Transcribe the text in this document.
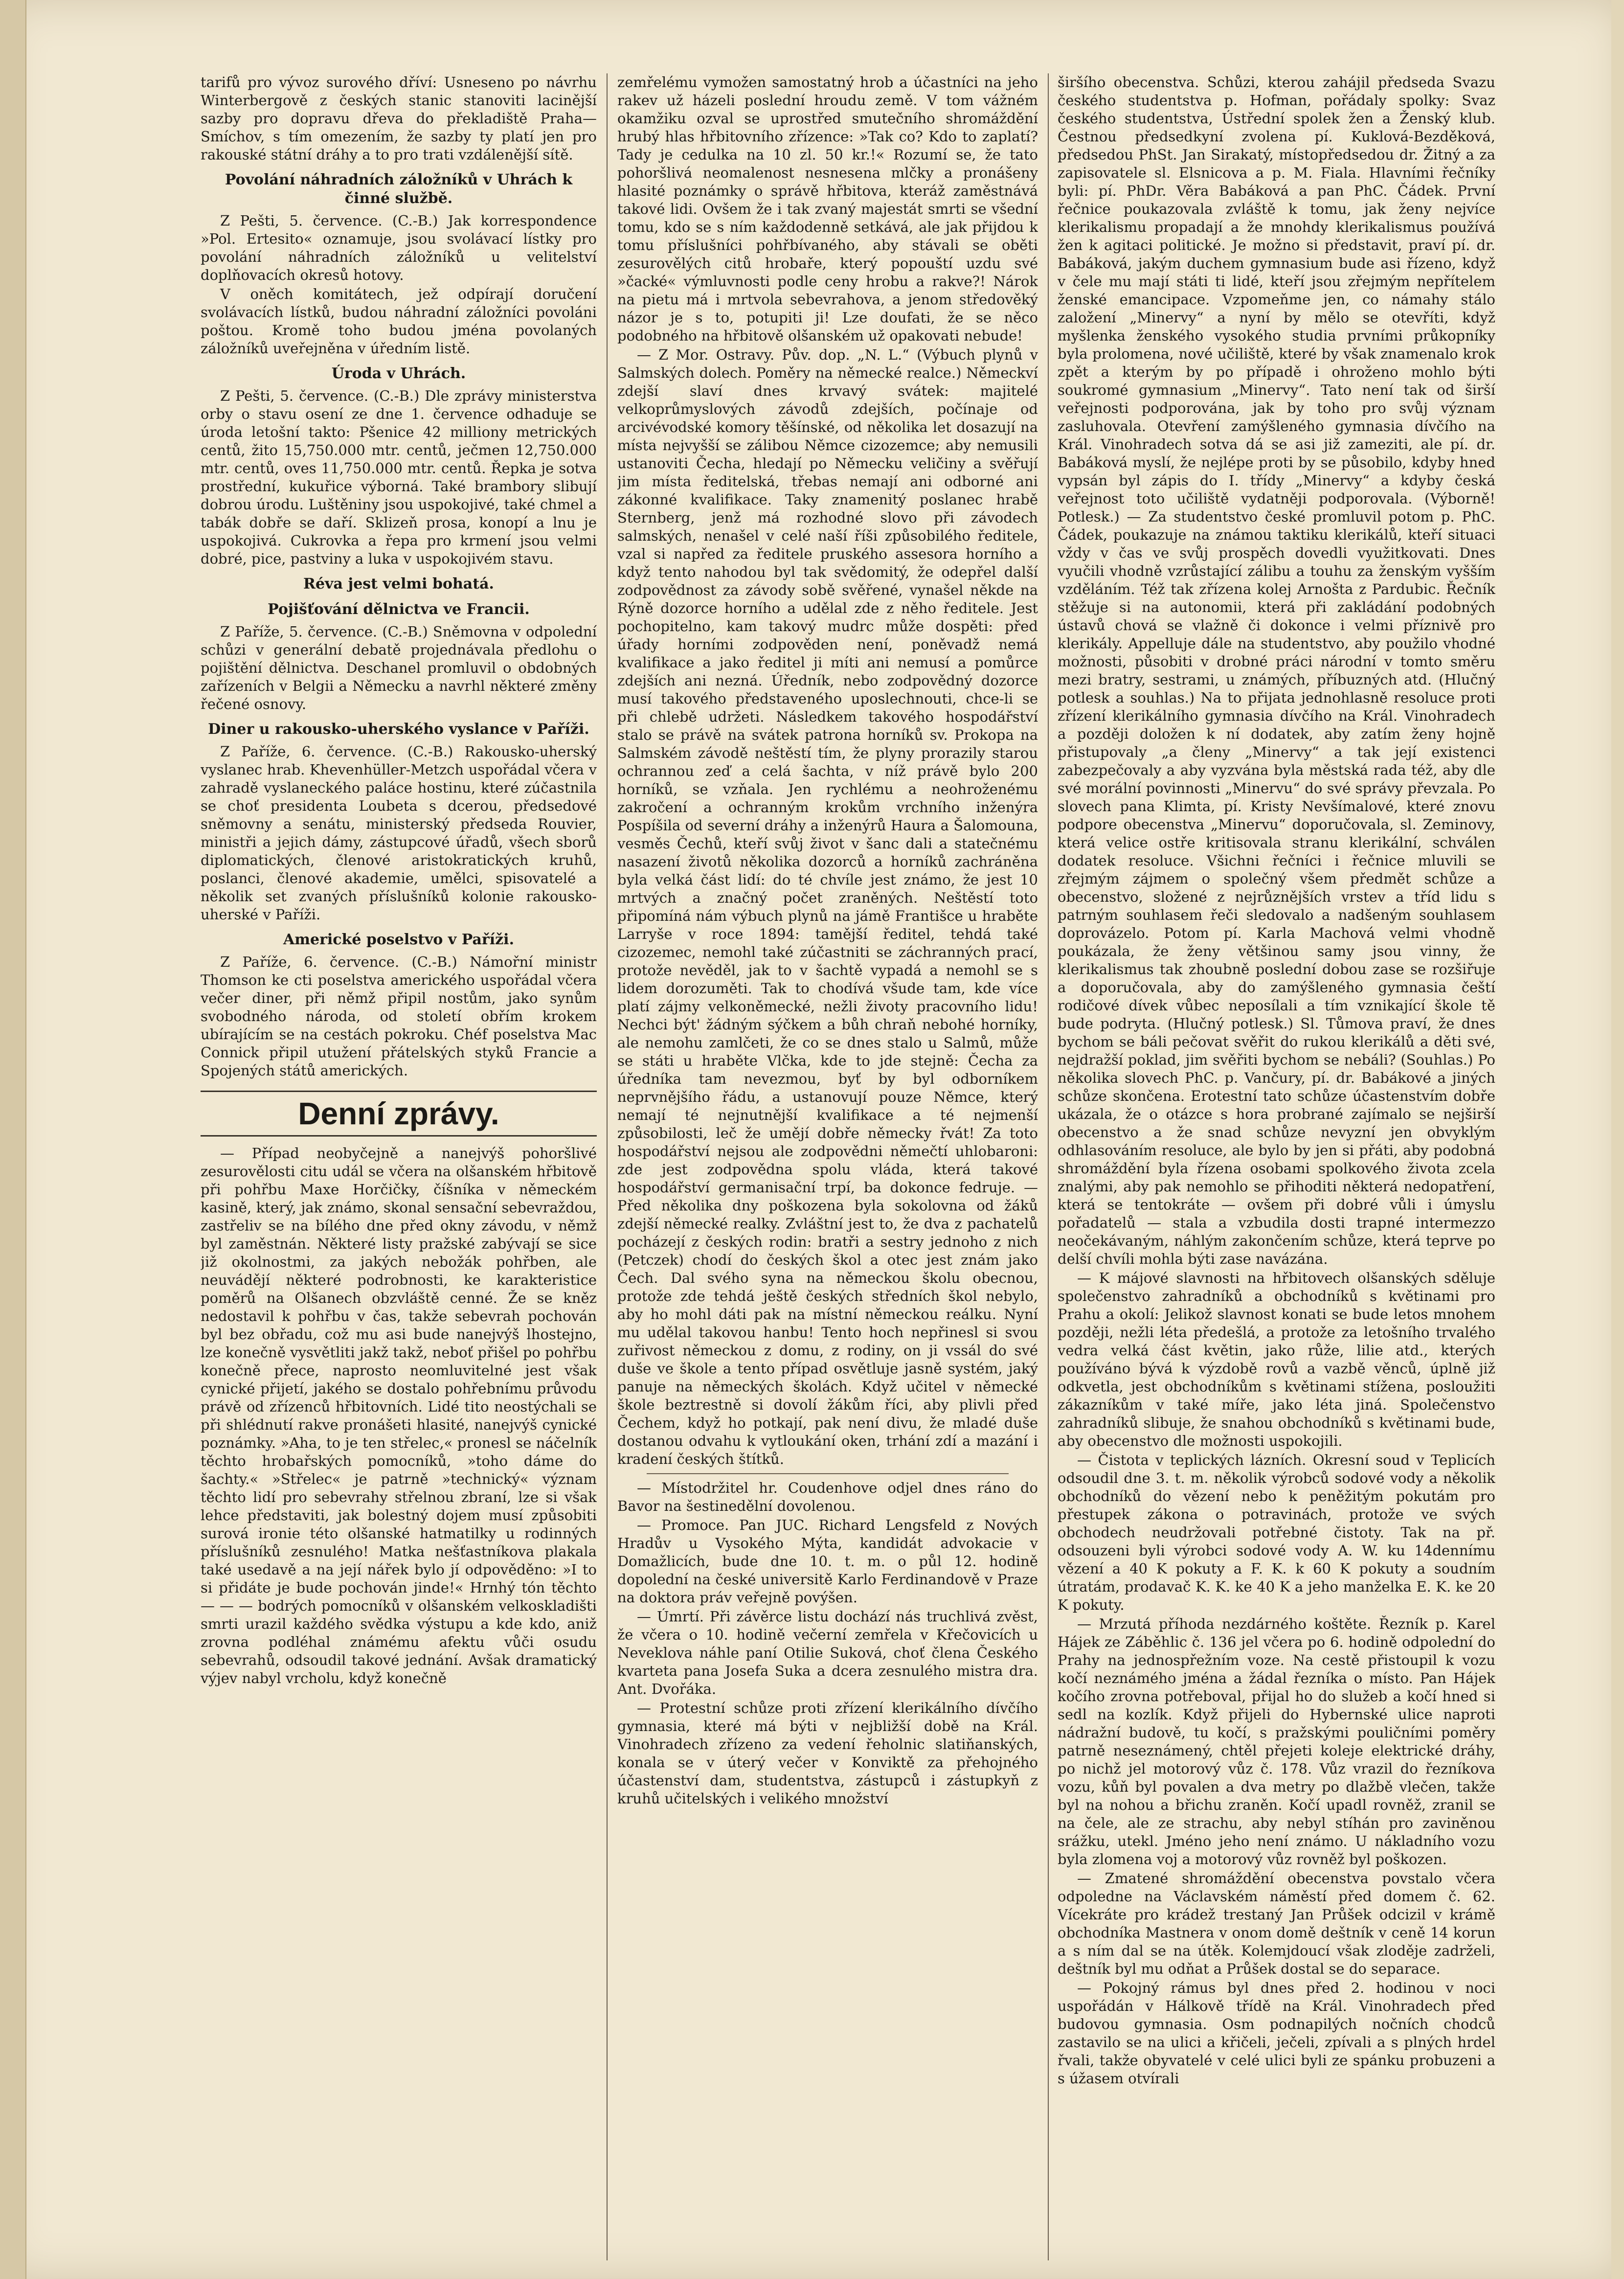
tarifů pro vývoz surového dříví: Usneseno po návrhu Winterbergově z českých stanic stanoviti lacinější sazby pro dopravu dřeva do překladiště Praha—Smíchov, s tím omezením, že sazby ty platí jen pro rakouské státní dráhy a to pro trati vzdálenější sítě.

Povolání náhradních záložníků v Uhrách k činné službě.

Z Pešti, 5. července. (C.-B.) Jak korrespondence »Pol. Ertesito« oznamuje, jsou svolávací lístky pro povolání náhradních záložníků u velitelství doplňovacích okresů hotovy.

V oněch komitátech, jež odpírají doručení svolávacích lístků, budou náhradní záložníci povoláni poštou. Kromě toho budou jména povolaných záložníků uveřejněna v úředním listě.

Úroda v Uhrách.

Z Pešti, 5. července. (C.-B.) Dle zprávy ministerstva orby o stavu osení ze dne 1. července odhaduje se úroda letošní takto: Pšenice 42 milliony metrických centů, žito 15,750.000 mtr. centů, ječmen 12,750.000 mtr. centů, oves 11,750.000 mtr. centů. Řepka je sotva prostřední, kukuřice výborná. Také brambory slibují dobrou úrodu. Luštěniny jsou uspokojivé, také chmel a tabák dobře se daří. Sklizeň prosa, konopí a lnu je uspokojivá. Cukrovka a řepa pro krmení jsou velmi dobré, pice, pastviny a luka v uspokojivém stavu.

Réva jest velmi bohatá.
Pojišťování dělnictva ve Francii.

Z Paříže, 5. července. (C.-B.) Sněmovna v odpolední schůzi v generální debatě projednávala předlohu o pojištění dělnictva. Deschanel promluvil o obdobných zařízeních v Belgii a Německu a navrhl některé změny řečené osnovy.

Diner u rakousko-uherského vyslance v Paříži.

Z Paříže, 6. července. (C.-B.) Rakousko-uherský vyslanec hrab. Khevenhüller-Metzch uspořádal včera v zahradě vyslaneckého paláce hostinu, které zúčastnila se choť presidenta Loubeta s dcerou, předsedové sněmovny a senátu, ministerský předseda Rouvier, ministři a jejich dámy, zástupcové úřadů, všech sborů diplomatických, členové aristokratických kruhů, poslanci, členové akademie, umělci, spisovatelé a několik set zvaných příslušníků kolonie rakousko-uherské v Paříži.

Americké poselstvo v Paříži.

Z Paříže, 6. července. (C.-B.) Námořní ministr Thomson ke cti poselstva amerického uspořádal včera večer diner, při němž připil nostům, jako synům svobodného národa, od století obřím krokem ubírajícím se na cestách pokroku. Chéf poselstva Mac Connick připil utužení přátelských styků Francie a Spojených států amerických.

Denní zprávy.

— Případ neobyčejně a nanejvýš pohoršlivé zesurovělosti citu udál se včera na olšanském hřbitově při pohřbu Maxe Horčičky, číšníka v německém kasině, který, jak známo, skonal sensační sebevraždou, zastřeliv se na bílého dne před okny závodu, v němž byl zaměstnán. Některé listy pražské zabývají se sice již okolnostmi, za jakých nebožák pohřben, ale neuvádějí některé podrobnosti, ke karakteristice poměrů na Olšanech obzvláště cenné. Že se kněz nedostavil k pohřbu v čas, takže sebevrah pochován byl bez obřadu, což mu asi bude nanejvýš lhostejno, lze konečně vysvětliti jakž takž, neboť přišel po pohřbu konečně přece, naprosto neomluvitelné jest však cynické přijetí, jakého se dostalo pohřebnímu průvodu právě od zřízenců hřbitovních. Lidé tito neostýchali se při shlédnutí rakve pronášeti hlasité, nanejvýš cynické poznámky. »Aha, to je ten střelec,« pronesl se náčelník těchto hrobařských pomocníků, »toho dáme do šachty.« »Střelec« je patrně »technický« význam těchto lidí pro sebevrahy střelnou zbraní, lze si však lehce představiti, jak bolestný dojem musí způsobiti surová ironie této olšanské hatmatilky u rodinných příslušníků zesnulého! Matka nešťastníkova plakala také usedavě a na její nářek bylo jí odpověděno: »I to si přidáte je bude pochován jinde!« Hrnhý tón těchto — — — bodrých pomocníků v olšanském velkoskladišti smrti urazil každého svědka výstupu a kde kdo, aniž zrovna podléhal známému afektu vůči osudu sebevrahů, odsoudil takové jednání. Avšak dramatický výjev nabyl vrcholu, když konečně

zemřelému vymožen samostatný hrob a účastníci na jeho rakev už házeli poslední hroudu země. V tom vážném okamžiku ozval se uprostřed smutečního shromáždění hrubý hlas hřbitovního zřízence: »Tak co? Kdo to zaplatí? Tady je cedulka na 10 zl. 50 kr.!« Rozumí se, že tato pohoršlivá neomalenost nesnesena mlčky a pronášeny hlasité poznámky o správě hřbitova, kteráž zaměstnává takové lidi. Ovšem že i tak zvaný majestát smrti se všední tomu, kdo se s ním každodenně setkává, ale jak přijdou k tomu příslušníci pohřbívaného, aby stávali se oběti zesurovělých citů hrobaře, který popouští uzdu své »čacké« výmluvnosti podle ceny hrobu a rakve?! Nárok na pietu má i mrtvola sebevrahova, a jenom středověký názor je s to, potupiti ji! Lze doufati, že se něco podobného na hřbitově olšanském už opakovati nebude!

— Z Mor. Ostravy. Pův. dop. „N. L.“ (Výbuch plynů v Salmských dolech. Poměry na německé realce.) Německví zdejší slaví dnes krvavý svátek: majitelé velkoprůmyslových závodů zdejších, počínaje od arcivévodské komory těšínské, od několika let dosazují na místa nejvyšší se zálibou Němce cizozemce; aby nemusili ustanoviti Čecha, hledají po Německu veličiny a svěřují jim místa ředitelská, třebas nemají ani odborné ani zákonné kvalifikace. Taky znamenitý poslanec hrabě Sternberg, jenž má rozhodné slovo při závodech salmských, nenašel v celé naší říši způsobilého ředitele, vzal si napřed za ředitele pruského assesora horního a když tento nahodou byl tak svědomitý, že odepřel další zodpovědnost za závody sobě svěřené, vynašel někde na Rýně dozorce horního a udělal zde z něho ředitele. Jest pochopitelno, kam takový mudrc může dospěti: před úřady horními zodpověden není, poněvadž nemá kvalifikace a jako ředitel ji míti ani nemusí a pomůrce zdejších ani nezná. Úředník, nebo zodpovědný dozorce musí takového představeného uposlechnouti, chce-li se při chlebě udržeti. Následkem takového hospodářství stalo se právě na svátek patrona horníků sv. Prokopa na Salmském závodě neštěstí tím, že plyny prorazily starou ochrannou zeď a celá šachta, v níž právě bylo 200 horníků, se vzňala. Jen rychlému a neohroženému zakročení a ochranným krokům vrchního inženýra Pospíšila od severní dráhy a inženýrů Haura a Šalomouna, vesměs Čechů, kteří svůj život v šanc dali a statečnému nasazení životů několika dozorců a horníků zachráněna byla velká část lidí: do té chvíle jest známo, že jest 10 mrtvých a značný počet zraněných. Neštěstí toto připomíná nám výbuch plynů na jámě Františce u hraběte Larryše v roce 1894: tamější ředitel, tehdá také cizozemec, nemohl také zúčastniti se záchranných prací, protože nevěděl, jak to v šachtě vypadá a nemohl se s lidem dorozuměti. Tak to chodívá všude tam, kde více platí zájmy velkoněmecké, nežli životy pracovního lidu! Nechci být' žádným sýčkem a bůh chraň nebohé horníky, ale nemohu zamlčeti, že co se dnes stalo u Salmů, může se státi u hraběte Vlčka, kde to jde stejně: Čecha za úředníka tam nevezmou, byť by byl odborníkem neprvnějšího řádu, a ustanovují pouze Němce, který nemají té nejnutnější kvalifikace a té nejmenší způsobilosti, leč že umějí dobře německy řvát! Za toto hospodářství nejsou ale zodpovědni němečtí uhlobaroni: zde jest zodpovědna spolu vláda, která takové hospodářství germanisační trpí, ba dokonce fedruje. — Před několika dny poškozena byla sokolovna od žáků zdejší německé realky. Zvláštní jest to, že dva z pachatelů pocházejí z českých rodin: bratři a sestry jednoho z nich (Petczek) chodí do českých škol a otec jest znám jako Čech. Dal svého syna na německou školu obecnou, protože zde tehdá ještě českých středních škol nebylo, aby ho mohl dáti pak na místní německou reálku. Nyní mu udělal takovou hanbu! Tento hoch nepřinesl si svou zuřivost německou z domu, z rodiny, on ji vssál do své duše ve škole a tento případ osvětluje jasně systém, jaký panuje na německých školách. Když učitel v německé škole beztrestně si dovolí žákům říci, aby plivli před Čechem, když ho potkají, pak není divu, že mladé duše dostanou odvahu k vytloukání oken, trhání zdí a mazání i kradení českých štítků.

— Místodržitel hr. Coudenhove odjel dnes ráno do Bavor na šestinedělní dovolenou.

— Promoce. Pan JUC. Richard Lengsfeld z Nových Hradův u Vysokého Mýta, kandidát advokacie v Domažlicích, bude dne 10. t. m. o půl 12. hodině dopolední na české universitě Karlo Ferdinandově v Praze na doktora práv veřejně povýšen.

— Úmrtí. Při závěrce listu dochází nás truchlivá zvěst, že včera o 10. hodině večerní zemřela v Křečovicích u Neveklova náhle paní Otilie Suková, choť člena Českého kvarteta pana Josefa Suka a dcera zesnulého mistra dra. Ant. Dvořáka.

— Protestní schůze proti zřízení klerikálního dívčího gymnasia, které má býti v nejbližší době na Král. Vinohradech zřízeno za vedení řeholnic slatiňanských, konala se v úterý večer v Konviktě za přehojného účastenství dam, studentstva, zástupců i zástupkyň z kruhů učitelských i velikého množství

širšího obecenstva. Schůzi, kterou zahájil předseda Svazu českého studentstva p. Hofman, pořádaly spolky: Svaz českého studentstva, Ústřední spolek žen a Ženský klub. Čestnou předsedkyní zvolena pí. Kuklová-Bezděková, předsedou PhSt. Jan Sirakatý, místopředsedou dr. Žitný a za zapisovatele sl. Elsnicova a p. M. Fiala. Hlavními řečníky byli: pí. PhDr. Věra Babáková a pan PhC. Čádek. První řečnice poukazovala zvláště k tomu, jak ženy nejvíce klerikalismu propadají a že mnohdy klerikalismus používá žen k agitaci politické. Je možno si představit, praví pí. dr. Babáková, jakým duchem gymnasium bude asi řízeno, když v čele mu mají státi ti lidé, kteří jsou zřejmým nepřítelem ženské emancipace. Vzpomeňme jen, co námahy stálo založení „Minervy“ a nyní by mělo se otevříti, když myšlenka ženského vysokého studia prvními průkopníky byla prolomena, nové učiliště, které by však znamenalo krok zpět a kterým by po případě i ohroženo mohlo býti soukromé gymnasium „Minervy“. Tato není tak od širší veřejnosti podporována, jak by toho pro svůj význam zasluhovala. Otevření zamýšleného gymnasia dívčího na Král. Vinohradech sotva dá se asi již zameziti, ale pí. dr. Babáková myslí, že nejlépe proti by se působilo, kdyby hned vypsán byl zápis do I. třídy „Minervy“ a kdyby česká veřejnost toto učiliště vydatněji podporovala. (Výborně! Potlesk.) — Za studentstvo české promluvil potom p. PhC. Čádek, poukazuje na známou taktiku klerikálů, kteří situaci vždy v čas ve svůj prospěch dovedli využitkovati. Dnes vyučili vhodně vzrůstající zálibu a touhu za ženským vyšším vzděláním. Též tak zřízena kolej Arnošta z Pardubic. Řečník stěžuje si na autonomii, která při zakládání podobných ústavů chová se vlažně či dokonce i velmi příznivě pro klerikály. Appelluje dále na studentstvo, aby použilo vhodné možnosti, působiti v drobné práci národní v tomto směru mezi bratry, sestrami, u známých, příbuzných atd. (Hlučný potlesk a souhlas.) Na to přijata jednohlasně resoluce proti zřízení klerikálního gymnasia dívčího na Král. Vinohradech a později doložen k ní dodatek, aby zatím ženy hojně přistupovaly „a členy „Minervy“ a tak její existenci zabezpečovaly a aby vyzvána byla městská rada též, aby dle své morální povinnosti „Minervu“ do své správy převzala. Po slovech pana Klimta, pí. Kristy Nevšímalové, které znovu podpore obecenstva „Minervu“ doporučovala, sl. Zeminovy, která velice ostře kritisovala stranu klerikální, schválen dodatek resoluce. Všichni řečníci i řečnice mluvili se zřejmým zájmem o společný všem předmět schůze a obecenstvo, složené z nejrůznějších vrstev a tříd lidu s patrným souhlasem řeči sledovalo a nadšeným souhlasem doprovázelo. Potom pí. Karla Machová velmi vhodně poukázala, že ženy většinou samy jsou vinny, že klerikalismus tak zhoubně poslední dobou zase se rozšiřuje a doporučovala, aby do zamýšleného gymnasia čeští rodičové dívek vůbec neposílali a tím vznikající škole tě bude podryta. (Hlučný potlesk.) Sl. Tůmova praví, že dnes bychom se báli pečovat svěřit do rukou klerikálů a děti své, nejdražší poklad, jim svěřiti bychom se nebáli? (Souhlas.) Po několika slovech PhC. p. Vančury, pí. dr. Babákové a jiných schůze skončena. Erotestní tato schůze účastenstvím dobře ukázala, že o otázce s hora probrané zajímalo se nejširší obecenstvo a že snad schůze nevyzní jen obvyklým odhlasováním resoluce, ale bylo by jen si přáti, aby podobná shromáždění byla řízena osobami spolkového života zcela znalými, aby pak nemohlo se přihoditi některá nedopatření, která se tentokráte — ovšem při dobré vůli i úmyslu pořadatelů — stala a vzbudila dosti trapné intermezzo neočekávaným, náhlým zakončením schůze, která teprve po delší chvíli mohla býti zase navázána.

— K májové slavnosti na hřbitovech olšanských sděluje společenstvo zahradníků a obchodníků s květinami pro Prahu a okolí: Jelikož slavnost konati se bude letos mnohem později, nežli léta předešlá, a protože za letošního trvalého vedra velká část květin, jako růže, lilie atd., kterých používáno bývá k výzdobě rovů a vazbě věnců, úplně již odkvetla, jest obchodníkům s květinami stížena, posloužiti zákazníkům v také míře, jako léta jiná. Společenstvo zahradníků slibuje, že snahou obchodníků s květinami bude, aby obecenstvo dle možnosti uspokojili.

— Čistota v teplických lázních. Okresní soud v Teplicích odsoudil dne 3. t. m. několik výrobců sodové vody a několik obchodníků do vězení nebo k peněžitým pokutám pro přestupek zákona o potravinách, protože ve svých obchodech neudržovali potřebné čistoty. Tak na př. odsouzeni byli výrobci sodové vody A. W. ku 14dennímu vězení a 40 K pokuty a F. K. k 60 K pokuty a soudním útratám, prodavač K. K. ke 40 K a jeho manželka E. K. ke 20 K pokuty.

— Mrzutá příhoda nezdárného koštěte. Řezník p. Karel Hájek ze Záběhlic č. 136 jel včera po 6. hodině odpolední do Prahy na jednospřežním voze. Na cestě přistoupil k vozu kočí neznámého jména a žádal řezníka o místo. Pan Hájek kočího zrovna potřeboval, přijal ho do služeb a kočí hned si sedl na kozlík. Když přijeli do Hybernské ulice naproti nádražní budově, tu kočí, s pražskými pouličními poměry patrně neseznámený, chtěl přejeti koleje elektrické dráhy, po nichž jel motorový vůz č. 178. Vůz vrazil do řezníkova vozu, kůň byl povalen a dva metry po dlažbě vlečen, takže byl na nohou a břichu zraněn. Kočí upadl rovněž, zranil se na čele, ale ze strachu, aby nebyl stíhán pro zaviněnou srážku, utekl. Jméno jeho není známo. U nákladního vozu byla zlomena voj a motorový vůz rovněž byl poškozen.

— Zmatené shromáždění obecenstva povstalo včera odpoledne na Václavském náměstí před domem č. 62. Vícekráte pro krádež trestaný Jan Průšek odcizil v krámě obchodníka Mastnera v onom domě deštník v ceně 14 korun a s ním dal se na útěk. Kolemjdoucí však zloděje zadrželi, deštník byl mu odňat a Průšek dostal se do separace.

— Pokojný rámus byl dnes před 2. hodinou v noci uspořádán v Hálkově třídě na Král. Vinohradech před budovou gymnasia. Osm podnapilých nočních chodců zastavilo se na ulici a křičeli, ječeli, zpívali a s plných hrdel řvali, takže obyvatelé v celé ulici byli ze spánku probuzeni a s úžasem otvírali
